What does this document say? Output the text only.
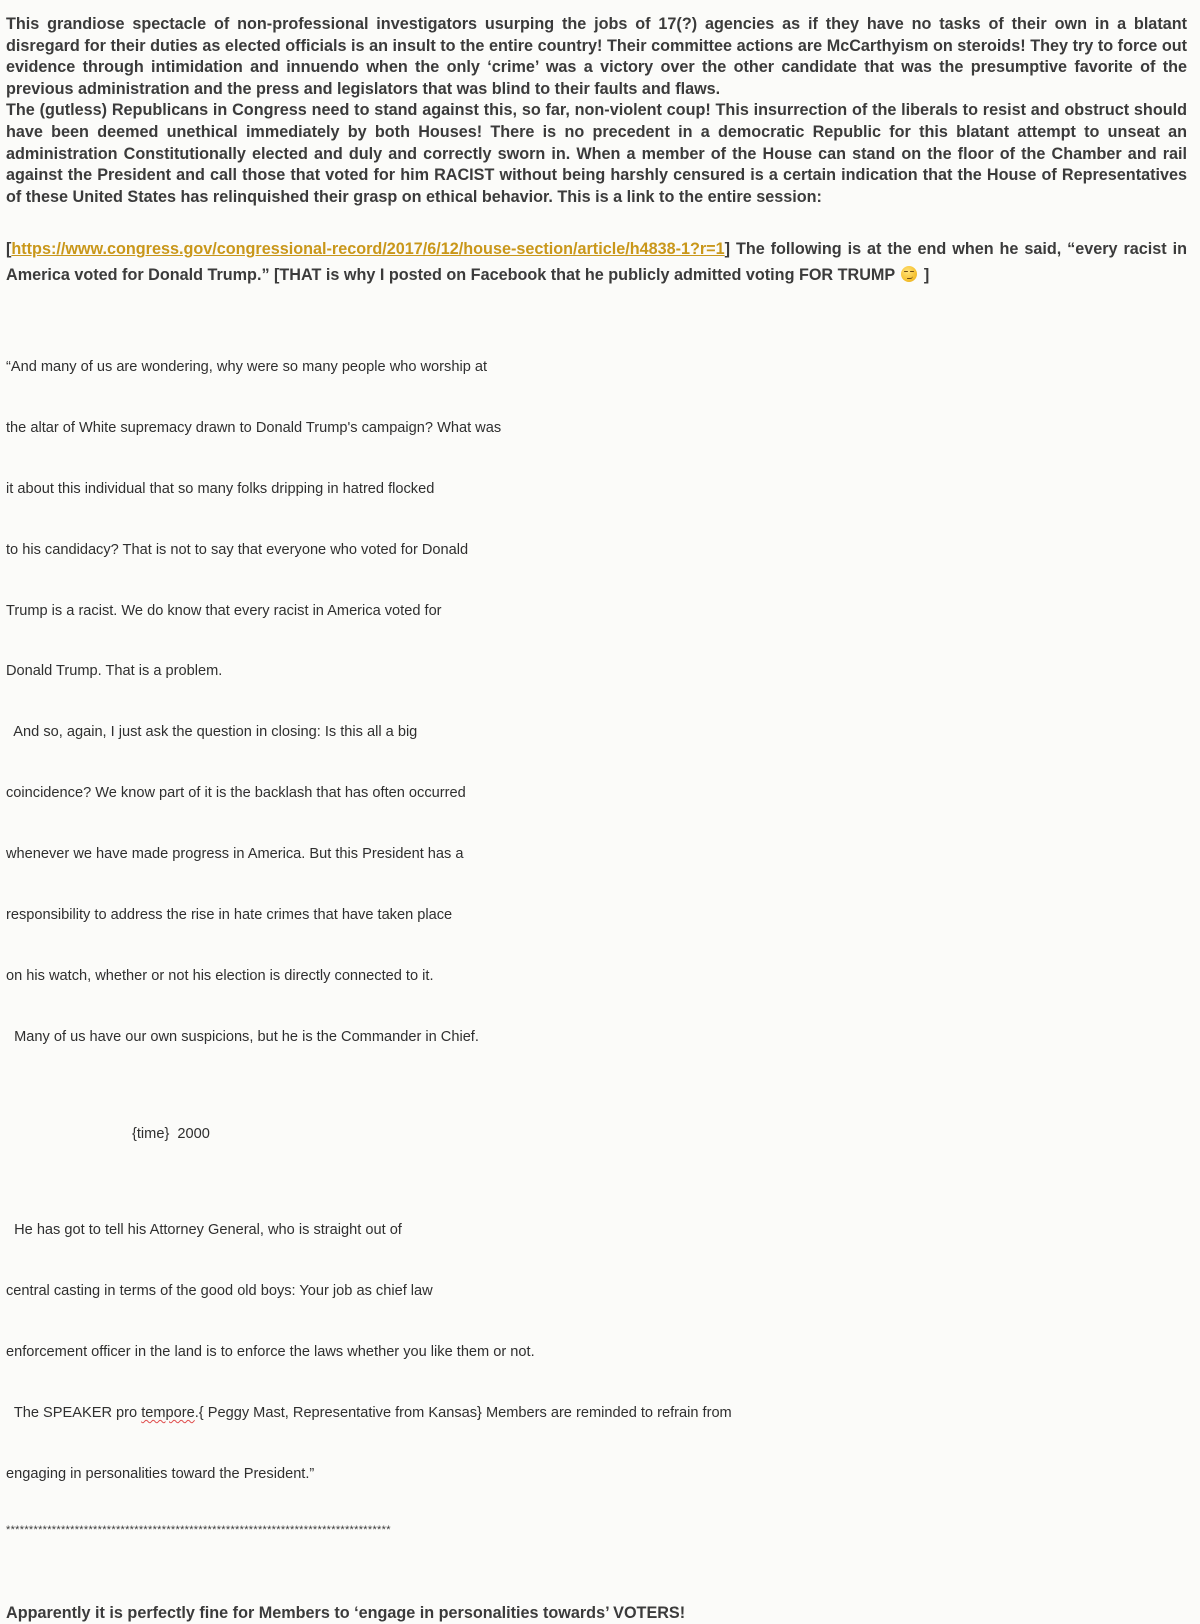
This grandiose spectacle of non-professional investigators usurping the jobs of 17(?) agencies as if they have no tasks of their own in a blatant disregard for their duties as elected officials is an insult to the entire country! Their committee actions are McCarthyism on steroids! They try to force out evidence through intimidation and innuendo when the only ‘crime’ was a victory over the other candidate that was the presumptive favorite of the previous administration and the press and legislators that was blind to their faults and flaws.

The (gutless) Republicans in Congress need to stand against this, so far, non-violent coup! This insurrection of the liberals to resist and obstruct should have been deemed unethical immediately by both Houses! There is no precedent in a democratic Republic for this blatant attempt to unseat an administration Constitutionally elected and duly and correctly sworn in. When a member of the House can stand on the floor of the Chamber and rail against the President and call those that voted for him RACIST without being harshly censured is a certain indication that the House of Representatives of these United States has relinquished their grasp on ethical behavior. This is a link to the entire session:

[https://www.congress.gov/congressional-record/2017/6/12/house-section/article/h4838-1?r=1] The following is at the end when he said, “every racist in America voted for Donald Trump.” [THAT is why I posted on Facebook that he publicly admitted voting FOR TRUMP
]

“And many of us are wondering, why were so many people who worship at

the altar of White supremacy drawn to Donald Trump's campaign? What was

it about this individual that so many folks dripping in hatred flocked

to his candidacy? That is not to say that everyone who voted for Donald

Trump is a racist. We do know that every racist in America voted for

Donald Trump. That is a problem.

And so, again, I just ask the question in closing: Is this all a big

coincidence? We know part of it is the backlash that has often occurred

whenever we have made progress in America. But this President has a

responsibility to address the rise in hate crimes that have taken place

on his watch, whether or not his election is directly connected to it.

Many of us have our own suspicions, but he is the Commander in Chief.

{time}  2000

He has got to tell his Attorney General, who is straight out of

central casting in terms of the good old boys: Your job as chief law

enforcement officer in the land is to enforce the laws whether you like them or not.

The SPEAKER pro tempore.{ Peggy Mast, Representative from Kansas} Members are reminded to refrain from

engaging in personalities toward the President.”

************************************************************************************

Apparently it is perfectly fine for Members to ‘engage in personalities towards’ VOTERS!
